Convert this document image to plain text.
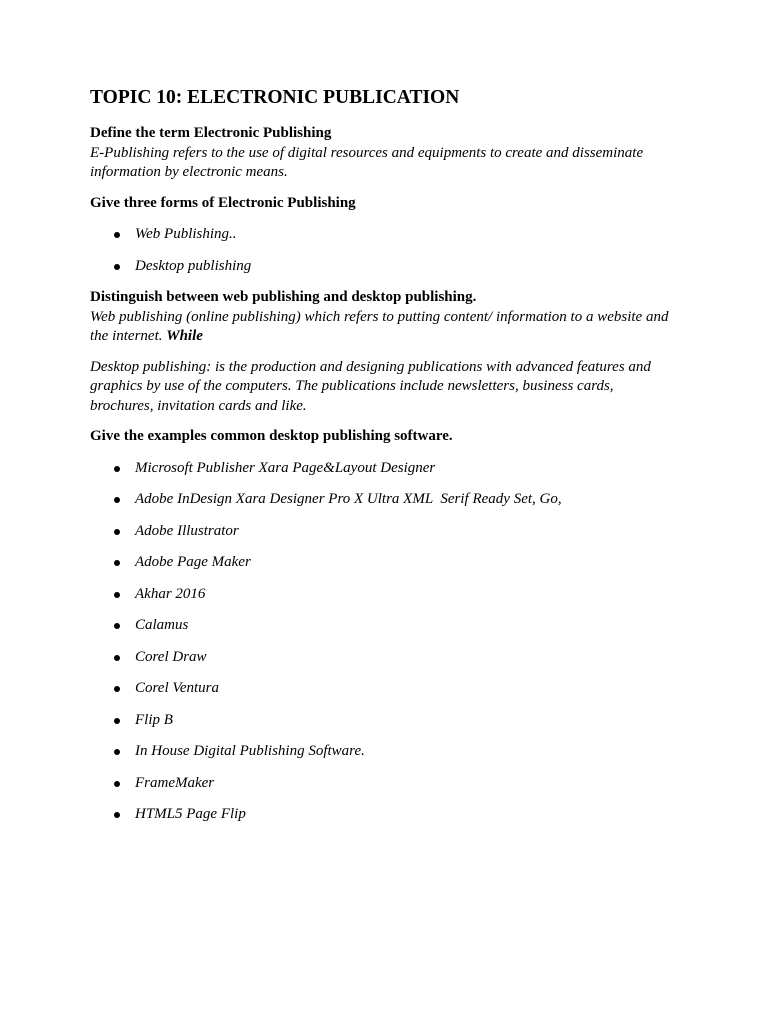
TOPIC 10: ELECTRONIC PUBLICATION

Define the term Electronic Publishing

E-Publishing refers to the use of digital resources and equipments to create and disseminate information by electronic means.

Give three forms of Electronic Publishing

Web Publishing..
Desktop publishing

Distinguish between web publishing and desktop publishing.

Web publishing (online publishing) which refers to putting content/ information to a website and the internet. While

Desktop publishing: is the production and designing publications with advanced features and graphics by use of the computers. The publications include newsletters, business cards, brochures, invitation cards and like.

Give the examples common desktop publishing software.

Microsoft Publisher Xara Page&Layout Designer
Adobe InDesign Xara Designer Pro X Ultra XML  Serif Ready Set, Go,
Adobe Illustrator
Adobe Page Maker
Akhar 2016
Calamus
Corel Draw
Corel Ventura
Flip B
In House Digital Publishing Software.
FrameMaker
HTML5 Page Flip
